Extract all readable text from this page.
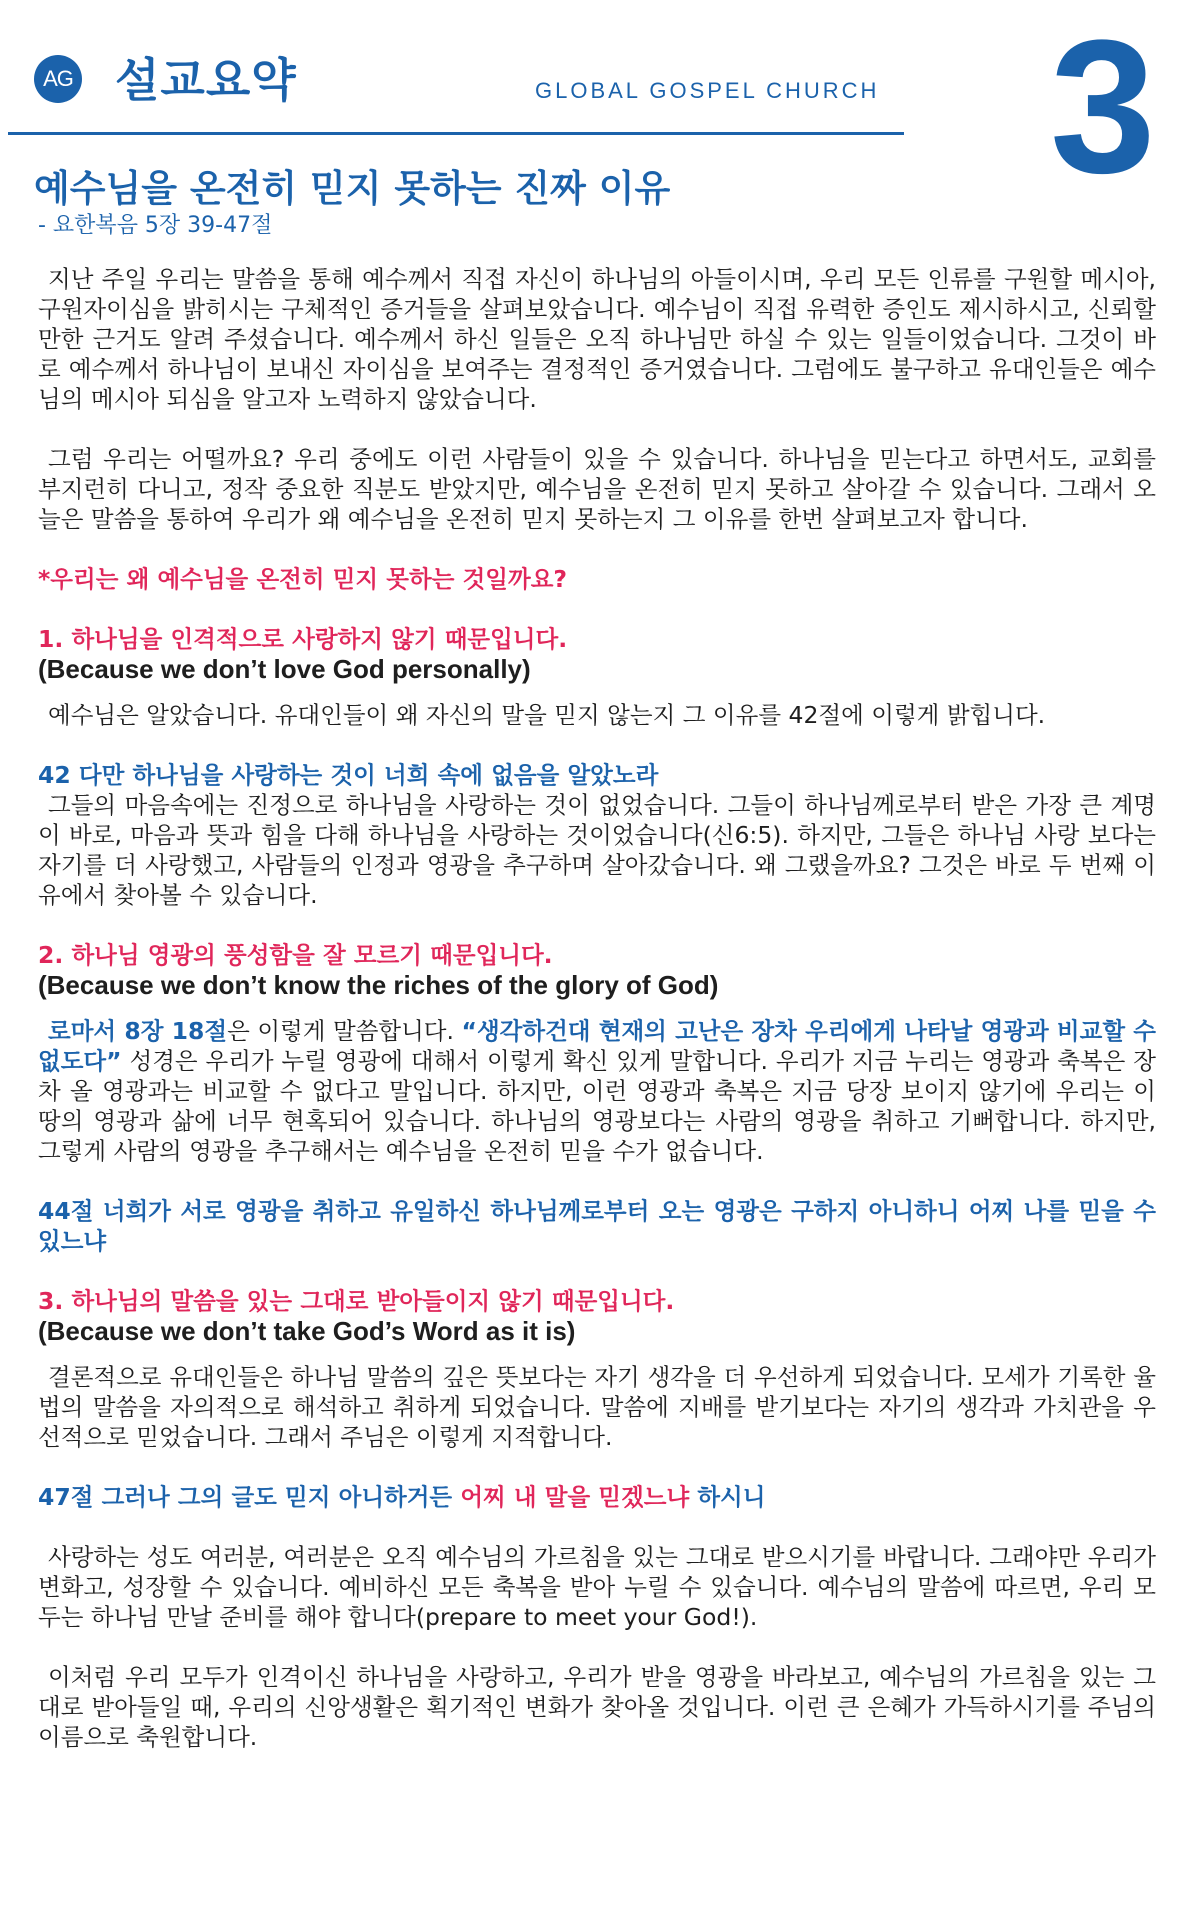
AG 설교요약	GLOBAL GOSPEL CHURCH 3
예수님을 온전히 믿지 못하는 진짜 이유
- 요한복음 5장 39-47절

지난 주일 우리는 말씀을 통해 예수께서 직접 자신이 하나님의 아들이시며, 우리 모든 인류를 구원할 메시아, 구원자이심을 밝히시는 구체적인 증거들을 살펴보았습니다. 예수님이 직접 유력한 증인도 제시하시고, 신뢰할 만한 근거도 알려 주셨습니다. 예수께서 하신 일들은 오직 하나님만 하실 수 있는 일들이었습니다. 그것이 바로 예수께서 하나님이 보내신 자이심을 보여주는 결정적인 증거였습니다. 그럼에도 불구하고 유대인들은 예수님의 메시아 되심을 알고자 노력하지 않았습니다.

그럼 우리는 어떨까요? 우리 중에도 이런 사람들이 있을 수 있습니다. 하나님을 믿는다고 하면서도, 교회를 부지런히 다니고, 정작 중요한 직분도 받았지만, 예수님을 온전히 믿지 못하고 살아갈 수 있습니다. 그래서 오늘은 말씀을 통하여 우리가 왜 예수님을 온전히 믿지 못하는지 그 이유를 한번 살펴보고자 합니다.

*우리는 왜 예수님을 온전히 믿지 못하는 것일까요?

1. 하나님을 인격적으로 사랑하지 않기 때문입니다.

(Because we don’t love God personally)

예수님은 알았습니다. 유대인들이 왜 자신의 말을 믿지 않는지 그 이유를 42절에 이렇게 밝힙니다.

42 다만 하나님을 사랑하는 것이 너희 속에 없음을 알았노라

그들의 마음속에는 진정으로 하나님을 사랑하는 것이 없었습니다. 그들이 하나님께로부터 받은 가장 큰 계명이 바로, 마음과 뜻과 힘을 다해 하나님을 사랑하는 것이었습니다(신6:5). 하지만, 그들은 하나님 사랑 보다는 자기를 더 사랑했고, 사람들의 인정과 영광을 추구하며 살아갔습니다. 왜 그랬을까요? 그것은 바로 두 번째 이유에서 찾아볼 수 있습니다.

2. 하나님 영광의 풍성함을 잘 모르기 때문입니다.

(Because we don’t know the riches of the glory of God)

로마서 8장 18절은 이렇게 말씀합니다. “생각하건대 현재의 고난은 장차 우리에게 나타날 영광과 비교할 수 없도다” 성경은 우리가 누릴 영광에 대해서 이렇게 확신 있게 말합니다. 우리가 지금 누리는 영광과 축복은 장차 올 영광과는 비교할 수 없다고 말입니다. 하지만, 이런 영광과 축복은 지금 당장 보이지 않기에 우리는 이 땅의 영광과 삶에 너무 현혹되어 있습니다. 하나님의 영광보다는 사람의 영광을 취하고 기뻐합니다. 하지만, 그렇게 사람의 영광을 추구해서는 예수님을 온전히 믿을 수가 없습니다.

44절 너희가 서로 영광을 취하고 유일하신 하나님께로부터 오는 영광은 구하지 아니하니 어찌 나를 믿을 수 있느냐

3. 하나님의 말씀을 있는 그대로 받아들이지 않기 때문입니다.

(Because we don’t take God’s Word as it is)

결론적으로 유대인들은 하나님 말씀의 깊은 뜻보다는 자기 생각을 더 우선하게 되었습니다. 모세가 기록한 율법의 말씀을 자의적으로 해석하고 취하게 되었습니다. 말씀에 지배를 받기보다는 자기의 생각과 가치관을 우선적으로 믿었습니다. 그래서 주님은 이렇게 지적합니다.

47절 그러나 그의 글도 믿지 아니하거든 어찌 내 말을 믿겠느냐 하시니

사랑하는 성도 여러분, 여러분은 오직 예수님의 가르침을 있는 그대로 받으시기를 바랍니다. 그래야만 우리가 변화고, 성장할 수 있습니다. 예비하신 모든 축복을 받아 누릴 수 있습니다. 예수님의 말씀에 따르면, 우리 모두는 하나님 만날 준비를 해야 합니다(prepare to meet your God!).

이처럼 우리 모두가 인격이신 하나님을 사랑하고, 우리가 받을 영광을 바라보고, 예수님의 가르침을 있는 그대로 받아들일 때, 우리의 신앙생활은 획기적인 변화가 찾아올 것입니다. 이런 큰 은혜가 가득하시기를 주님의 이름으로 축원합니다.
